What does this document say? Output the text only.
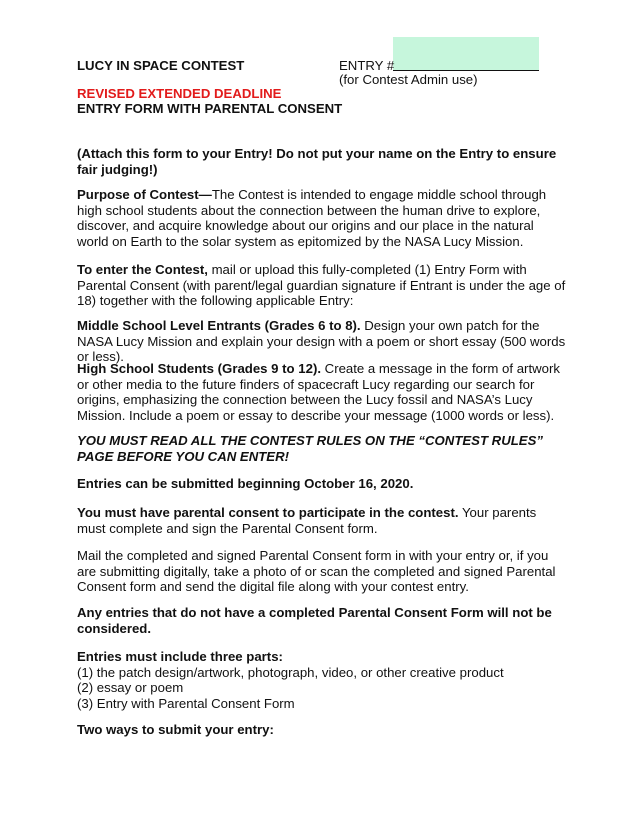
LUCY IN SPACE CONTEST	ENTRY #
(for Contest Admin use)
REVISED EXTENDED DEADLINE
ENTRY FORM WITH PARENTAL CONSENT
(Attach this form to your Entry! Do not put your name on the Entry to ensure fair judging!)
Purpose of Contest—The Contest is intended to engage middle school through high school students about the connection between the human drive to explore, discover, and acquire knowledge about our origins and our place in the natural world on Earth to the solar system as epitomized by the NASA Lucy Mission.
To enter the Contest, mail or upload this fully-completed (1) Entry Form with Parental Consent (with parent/legal guardian signature if Entrant is under the age of 18) together with the following applicable Entry:
Middle School Level Entrants (Grades 6 to 8). Design your own patch for the NASA Lucy Mission and explain your design with a poem or short essay (500 words or less).
High School Students (Grades 9 to 12). Create a message in the form of artwork or other media to the future finders of spacecraft Lucy regarding our search for origins, emphasizing the connection between the Lucy fossil and NASA’s Lucy Mission. Include a poem or essay to describe your message (1000 words or less).
YOU MUST READ ALL THE CONTEST RULES ON THE “CONTEST RULES” PAGE BEFORE YOU CAN ENTER!
Entries can be submitted beginning October 16, 2020.
You must have parental consent to participate in the contest. Your parents must complete and sign the Parental Consent form.
Mail the completed and signed Parental Consent form in with your entry or, if you are submitting digitally, take a photo of or scan the completed and signed Parental Consent form and send the digital file along with your contest entry.
Any entries that do not have a completed Parental Consent Form will not be considered.
Entries must include three parts:
(1) the patch design/artwork, photograph, video, or other creative product
(2) essay or poem
(3) Entry with Parental Consent Form
Two ways to submit your entry:
